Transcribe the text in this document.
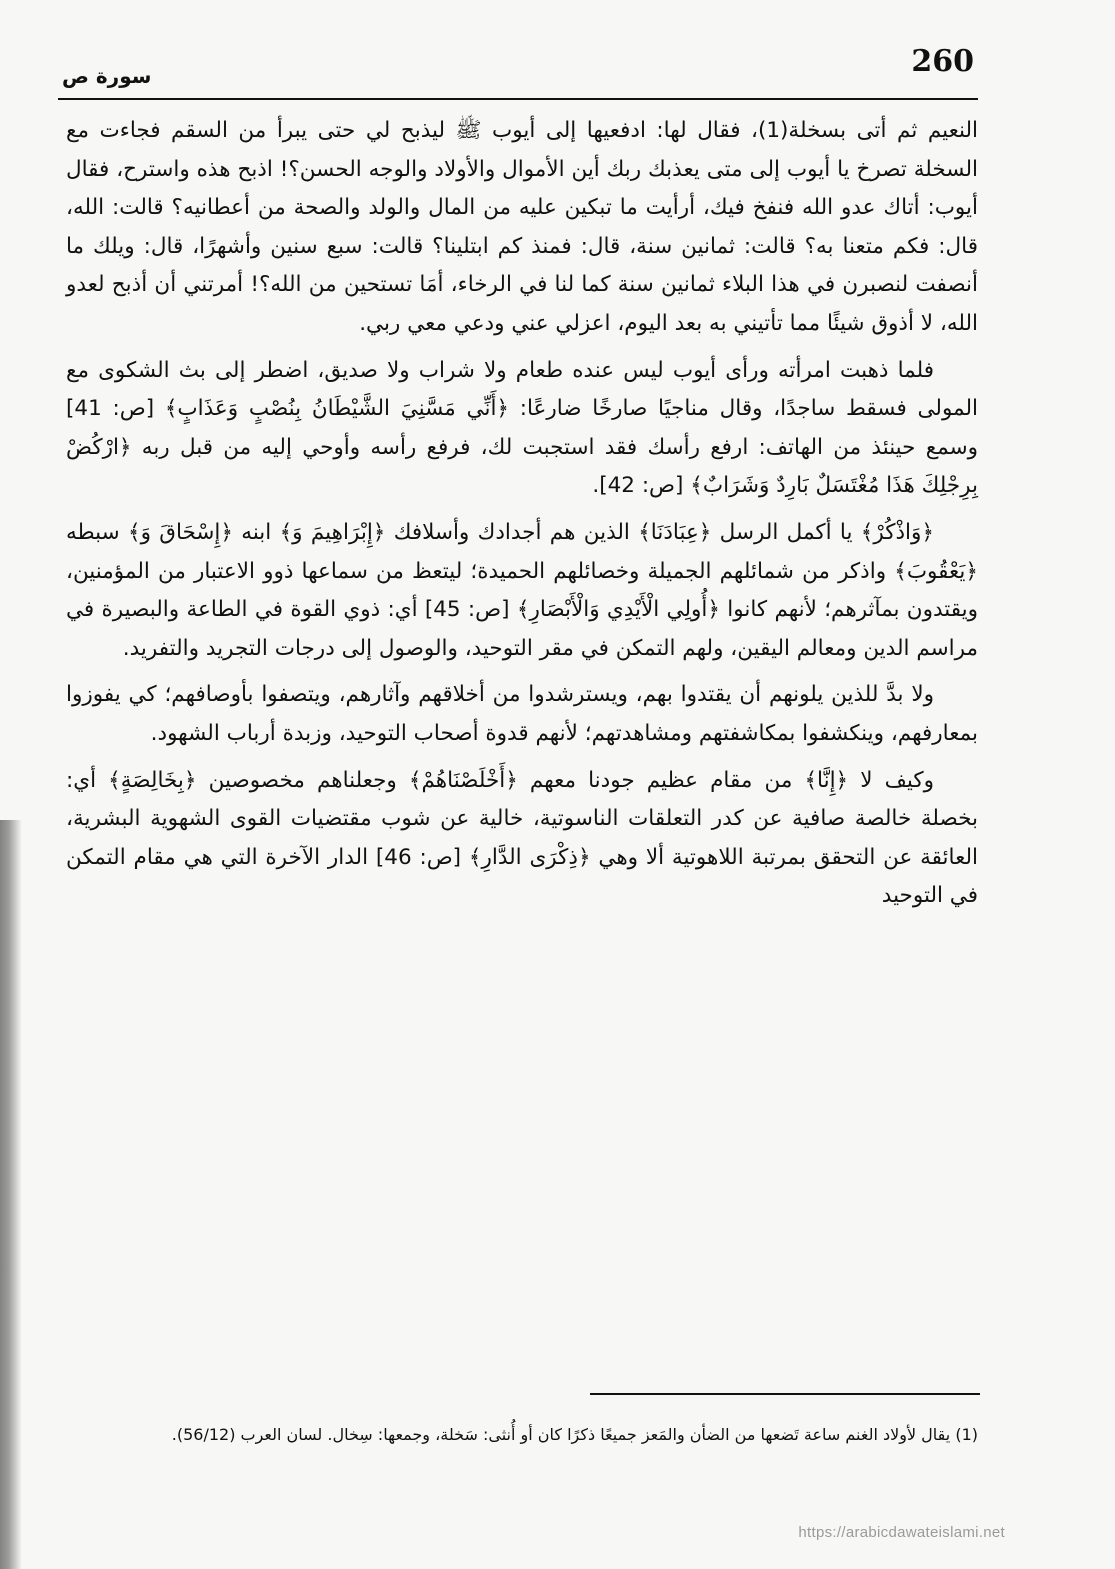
260
سورة ص

النعيم ثم أتى بسخلة(1)، فقال لها: ادفعيها إلى أيوب ﷺ ليذبح لي حتى يبرأ من السقم فجاءت مع السخلة تصرخ يا أيوب إلى متى يعذبك ربك أين الأموال والأولاد والوجه الحسن؟! اذبح هذه واسترح، فقال أيوب: أتاك عدو الله فنفخ فيك، أرأيت ما تبكين عليه من المال والولد والصحة من أعطانيه؟ قالت: الله، قال: فكم متعنا به؟ قالت: ثمانين سنة، قال: فمنذ كم ابتلينا؟ قالت: سبع سنين وأشهرًا، قال: ويلك ما أنصفت لنصبرن في هذا البلاء ثمانين سنة كما لنا في الرخاء، أمَا تستحين من الله؟! أمرتني أن أذبح لعدو الله، لا أذوق شيئًا مما تأتيني به بعد اليوم، اعزلي عني ودعي معي ربي.

فلما ذهبت امرأته ورأى أيوب ليس عنده طعام ولا شراب ولا صديق، اضطر إلى بث الشكوى مع المولى فسقط ساجدًا، وقال مناجيًا صارخًا ضارعًا: ﴿أَنِّي مَسَّنِيَ الشَّيْطَانُ بِنُصْبٍ وَعَذَابٍ﴾ [ص: 41] وسمع حينئذ من الهاتف: ارفع رأسك فقد استجبت لك، فرفع رأسه وأوحي إليه من قبل ربه ﴿ارْكُضْ بِرِجْلِكَ هَذَا مُغْتَسَلٌ بَارِدٌ وَشَرَابٌ﴾ [ص: 42].

﴿وَاذْكُرْ﴾ يا أكمل الرسل ﴿عِبَادَنَا﴾ الذين هم أجدادك وأسلافك ﴿إِبْرَاهِيمَ وَ﴾ ابنه ﴿إِسْحَاقَ وَ﴾ سبطه ﴿يَعْقُوبَ﴾ واذكر من شمائلهم الجميلة وخصائلهم الحميدة؛ ليتعظ من سماعها ذوو الاعتبار من المؤمنين، ويقتدون بمآثرهم؛ لأنهم كانوا ﴿أُولِي الْأَيْدِي وَالْأَبْصَارِ﴾ [ص: 45] أي: ذوي القوة في الطاعة والبصيرة في مراسم الدين ومعالم اليقين، ولهم التمكن في مقر التوحيد، والوصول إلى درجات التجريد والتفريد.

ولا بدَّ للذين يلونهم أن يقتدوا بهم، ويسترشدوا من أخلاقهم وآثارهم، ويتصفوا بأوصافهم؛ كي يفوزوا بمعارفهم، وينكشفوا بمكاشفتهم ومشاهدتهم؛ لأنهم قدوة أصحاب التوحيد، وزبدة أرباب الشهود.

وكيف لا ﴿إِنَّا﴾ من مقام عظيم جودنا معهم ﴿أَخْلَصْنَاهُمْ﴾ وجعلناهم مخصوصين ﴿بِخَالِصَةٍ﴾ أي: بخصلة خالصة صافية عن كدر التعلقات الناسوتية، خالية عن شوب مقتضيات القوى الشهوية البشرية، العائقة عن التحقق بمرتبة اللاهوتية ألا وهي ﴿ذِكْرَى الدَّارِ﴾ [ص: 46] الدار الآخرة التي هي مقام التمكن في التوحيد

(1) يقال لأولاد الغنم ساعة تَضعها من الضأن والمَعز جميعًا ذكرًا كان أو أُنثى: سَخلة، وجمعها: سِخال. لسان العرب (56/12).

https://arabicdawateislami.net
